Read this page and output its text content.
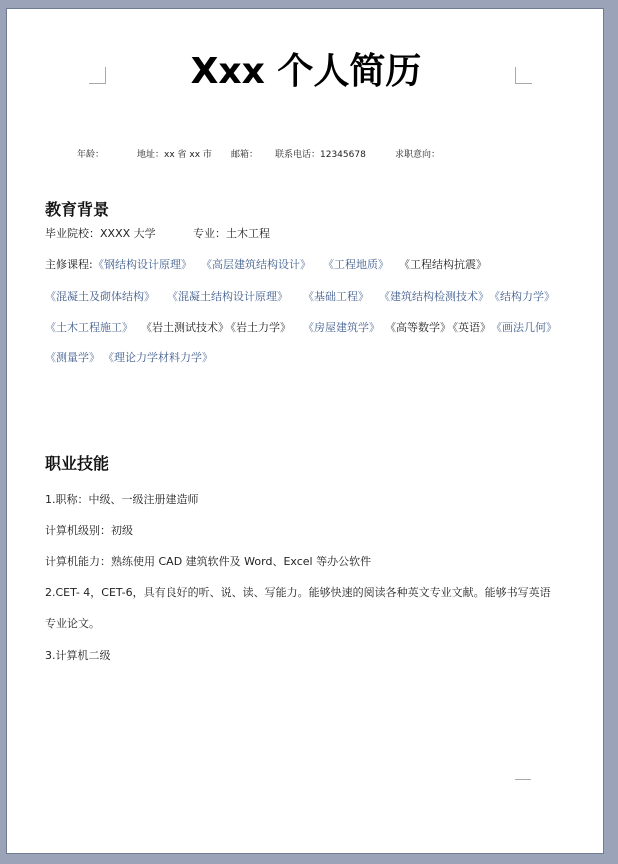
Xxx 个人简历
年龄：	地址：xx 省 xx 市 邮箱： 联系电话：12345678	求职意向：
教育背景
毕业院校：XXXX 大学	专业：土木工程
主修课程: 《钢结构设计原理》 《高层建筑结构设计》 《工程地质》 《工程结构抗震》
《混凝土及砌体结构》 《混凝土结构设计原理》 《基础工程》 《建筑结构检测技术》 《结构力学》
《土木工程施工》 《岩土测试技术》
《岩土力学》 《房屋建筑学》 《高等数学》
《英语》 《画法几何》
《测量学》 《理论力学材料力学》
职业技能
1.职称：中级、一级注册建造师
计算机级别：初级
计算机能力：熟练使用 CAD 建筑软件及 Word、Excel 等办公软件
2.CET- 4，CET-6，具有良好的听、说、读、写能力。能够快速的阅读各种英文专业文献。能够书写英语
专业论文。
3.计算机二级
